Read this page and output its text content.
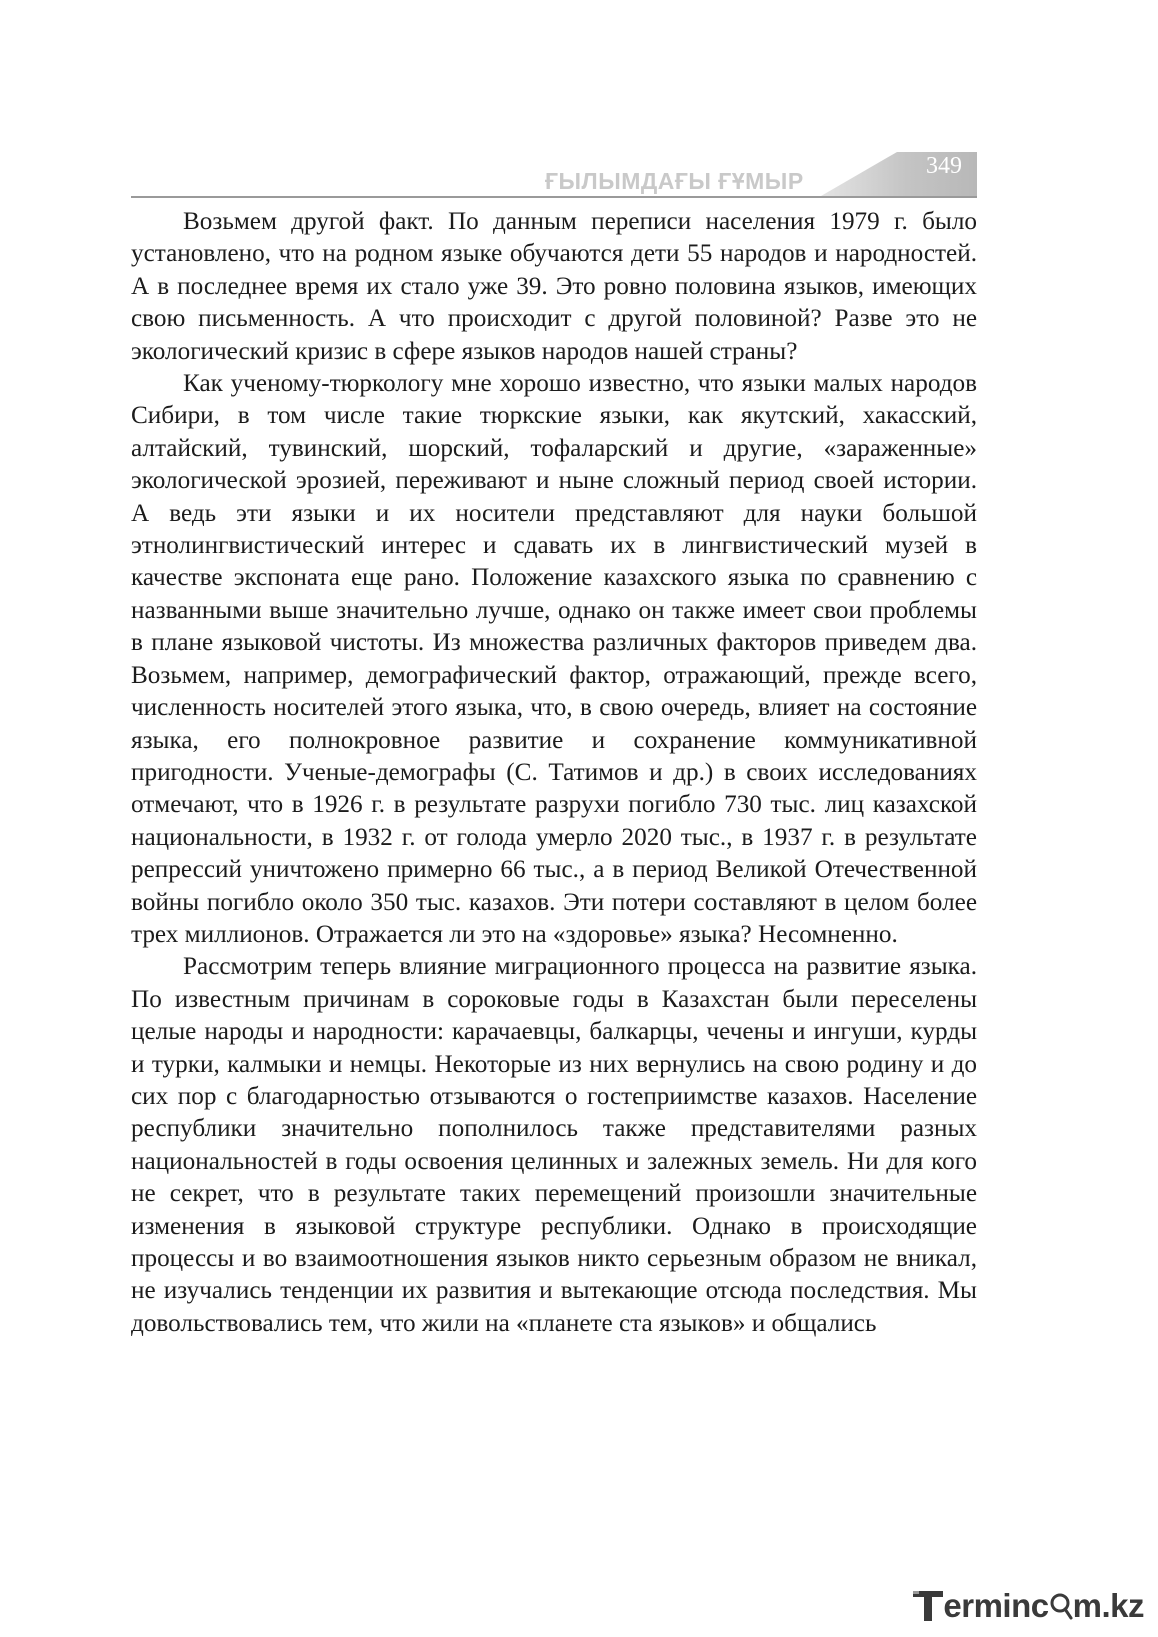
ҒЫЛЫМДАҒЫ ҒҰМЫР
349

Возьмем другой факт. По данным переписи населения 1979 г. было установлено, что на родном языке обучаются дети 55 народов и народностей. А в последнее время их стало уже 39. Это ровно половина языков, имеющих свою письменность. А что происходит с другой половиной? Разве это не экологический кризис в сфере языков народов нашей страны?

Как ученому-тюркологу мне хорошо известно, что языки малых народов Сибири, в том числе такие тюркские языки, как якутский, хакасский, алтайский, тувинский, шорский, тофаларский и другие, «зараженные» экологической эрозией, переживают и ныне сложный период своей истории. А ведь эти языки и их носители представляют для науки большой этнолингвистический интерес и сдавать их в лингвистический музей в качестве экспоната еще рано. Положение казахского языка по сравнению с названными выше значительно лучше, однако он также имеет свои проблемы в плане языковой чистоты. Из множества различных факторов приведем два. Возьмем, например, демографический фактор, отражающий, прежде всего, численность носителей этого языка, что, в свою очередь, влияет на состояние языка, его полнокровное развитие и сохранение коммуникативной пригодности. Ученые-демографы (С. Татимов и др.) в своих исследованиях отмечают, что в 1926 г. в результате разрухи погибло 730 тыс. лиц казахской национальности, в 1932 г. от голода умерло 2020 тыс., в 1937 г. в результате репрессий уничтожено примерно 66 тыс., а в период Великой Отечественной войны погибло около 350 тыс. казахов. Эти потери составляют в целом более трех миллионов. Отражается ли это на «здоровье» языка? Несомненно.

Рассмотрим теперь влияние миграционного процесса на развитие языка. По известным причинам в сороковые годы в Казахстан были переселены целые народы и народности: карачаевцы, балкарцы, чечены и ингуши, курды и турки, калмыки и немцы. Некоторые из них вернулись на свою родину и до сих пор с благодарностью отзываются о гостеприимстве казахов. Население республики значительно пополнилось также представителями разных национальностей в годы освоения целинных и залежных земель. Ни для кого не секрет, что в результате таких перемещений произошли значительные изменения в языковой структуре республики. Однако в происходящие процессы и во взаимоотношения языков никто серьезным образом не вникал, не изучались тенденции их развития и вытекающие отсюда последствия. Мы довольствовались тем, что жили на «планете ста языков» и общались

erminc m.kz
